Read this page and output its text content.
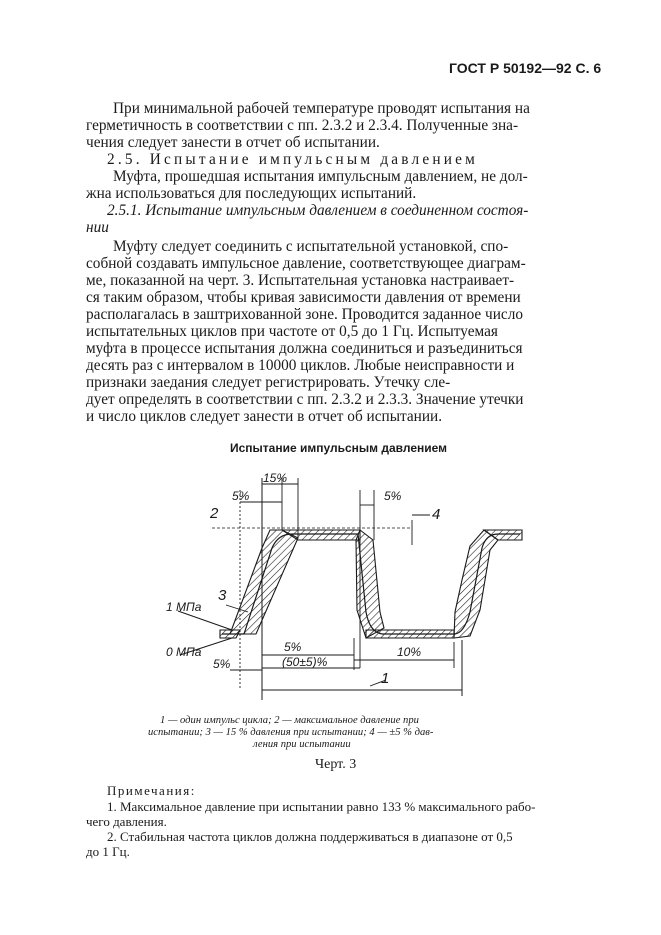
ГОСТ Р 50192—92 С. 6
При минимальной рабочей температуре проводят испытания на
герметичность в соответствии с пп. 2.3.2 и 2.3.4. Полученные зна-
чения следует занести в отчет об испытании.
2.5. Испытание импульсным давлением
Муфта, прошедшая испытания импульсным давлением, не дол-
жна использоваться для последующих испытаний.
2.5.1. Испытание импульсным давлением в соединенном состоя-
нии
Муфту следует соединить с испытательной установкой, спо-
собной создавать импульсное давление, соответствующее диаграм-
ме, показанной на черт. 3. Испытательная установка настраивает-
ся таким образом, чтобы кривая зависимости давления от времени
располагалась в заштрихованной зоне. Проводится заданное число
испытательных циклов при частоте от 0,5 до 1 Гц. Испытуемая
муфта в процессе испытания должна соединиться и разъединиться
десять раз с интервалом в 10000 циклов. Любые неисправности и
признаки заедания следует регистрировать. Утечку сле-
дует определять в соответствии с пп. 2.3.2 и 2.3.3. Значение утечки
и число циклов следует занести в отчет об испытании.
Испытание импульсным давлением
2
3
4
1
1 МПа
0 МПа
15%
5%	5%
5%
5%	(50±5)%
10%
1 — один импульс цикла; 2 — максимальное давление при
испытании; 3 — 15 % давления при испытании; 4 — ±5 % дав-
ления при испытании
Черт. 3
Примечания:
1. Максимальное давление при испытании равно 133 % максимального рабо-
чего давления.
2. Стабильная частота циклов должна поддерживаться в диапазоне от 0,5
до 1 Гц.
